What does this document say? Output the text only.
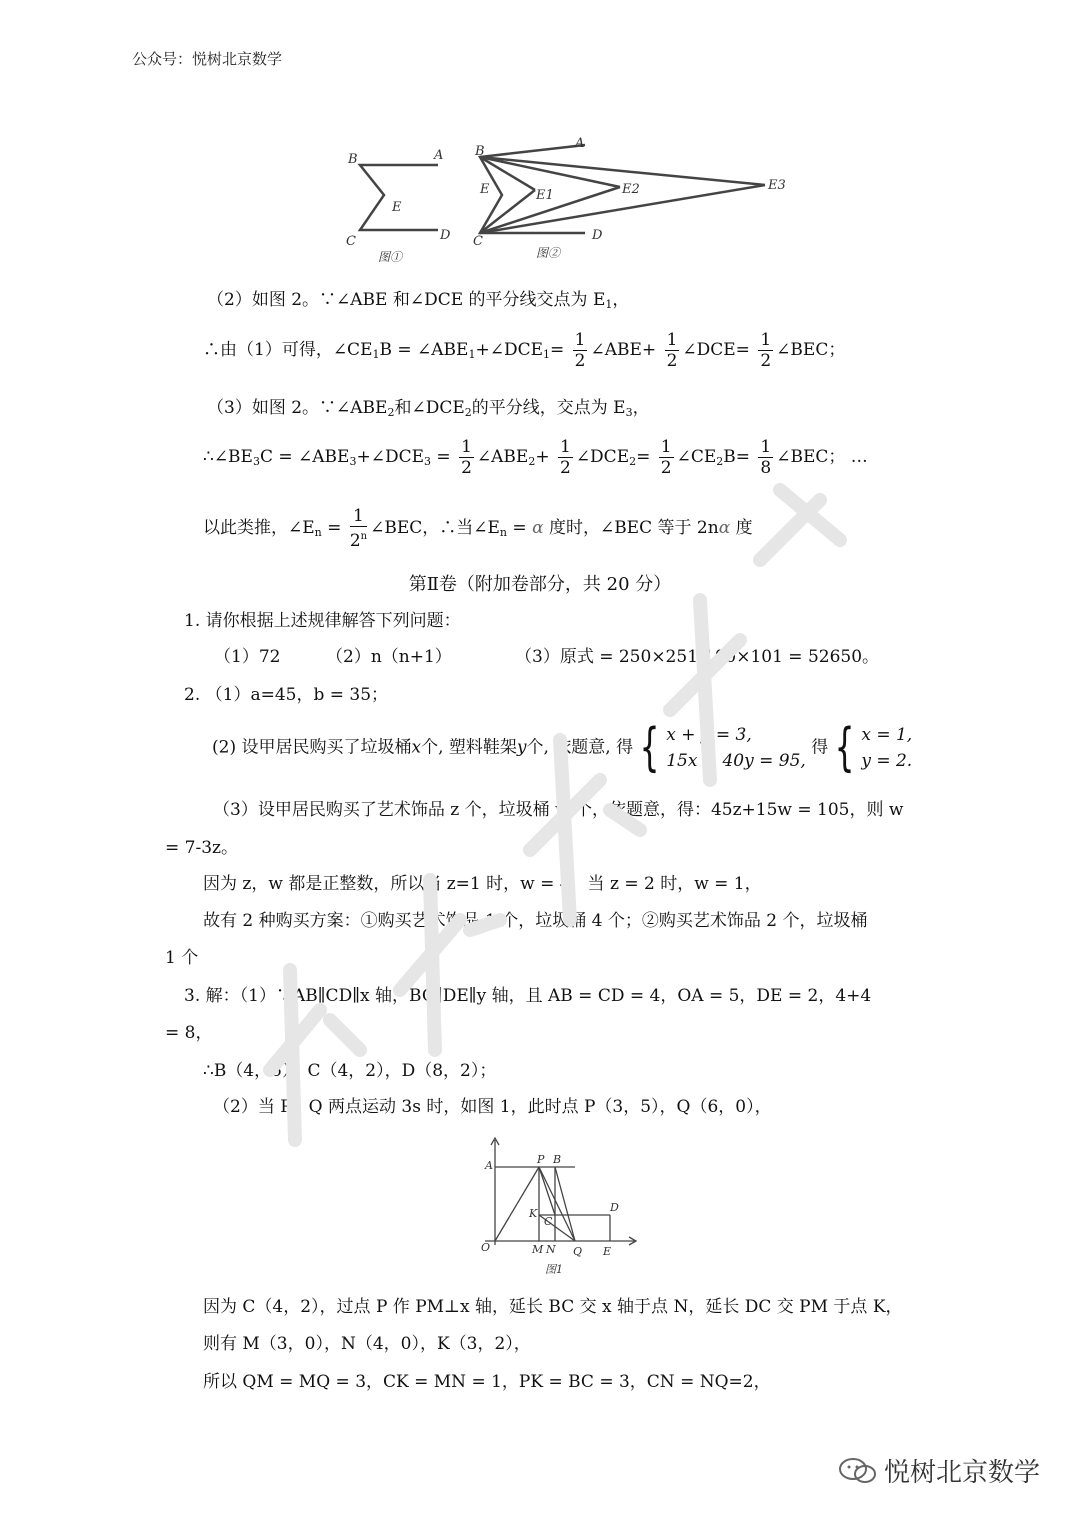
公众号：悦树北京数学
B	A
E
C	D
B
A
E	E1	E2	E3
C	D
图①	图②
（2）如图 2。∵∠ABE 和∠DCE 的平分线交点为 $E_1$，
∴由（1）可得，$\angle CE_1B$ = $\angle ABE_1+\angle DCE_1= \frac{1}{2}$ ∠ABE+ $\frac{1}{2}$ ∠DCE= $\frac{1}{2}$ ∠BEC；
（3）如图 2。$\because\angle ABE_2$和$\angle DCE_2$的平分线，交点为 $E_3$，
$\therefore\angle BE_3C$ = $\angle ABE_3+\angle DCE_3 = \frac{1}{2}$ $\angle ABE_2+ \frac{1}{2}$ $\angle DCE_2= \frac{1}{2}$ $\angle CE_2B= \frac{1}{8}$ ∠BEC； …
以此类推，$\angle E_n = \frac{1}{2^n}$ ∠BEC，∴当$\angle E_n = \alpha$ 度时，∠BEC 等于 2nα 度
第Ⅱ卷（附加卷部分，共 20 分）
1. 请你根据上述规律解答下列问题：
（1）72	（2）n（n+1）	（3）原式 = 250×251-100×101 = 52650。
2. （1）a=45，b = 35；
(2) 设甲居民购买了垃圾桶x个, 塑料鞋架y个, 依题意, 得 { x + y = 3,
15x + 40y = 95,
得 { x = 1,
y = 2.
（3）设甲居民购买了艺术饰品 z 个，垃圾桶 w 个，依题意，得：45z+15w = 105，则 w
= 7-3z。
因为 z，w 都是正整数，所以当 z=1 时，w = 4，当 z = 2 时，w = 1，
故有 2 种购买方案：①购买艺术饰品 1 个，垃圾桶 4 个；②购买艺术饰品 2 个，垃圾桶
1 个
3. 解：（1）∵AB∥CD∥x 轴，BC∥DE∥y 轴，且 AB = CD = 4，OA = 5，DE = 2，4+4
= 8，
∴B（4，5），C（4，2），D（8，2）；
（2）当 P，Q 两点运动 3s 时，如图 1，此时点 P（3，5），Q（6，0），
A	P B
K
C
D
O	M N Q E
图1
因为 C（4，2），过点 P 作 PM⊥x 轴，延长 BC 交 x 轴于点 N，延长 DC 交 PM 于点 K，
则有 M（3，0），N（4，0），K（3，2），
所以 QM = MQ = 3，CK = MN = 1，PK = BC = 3，CN = NQ=2，
悦树北京数学
